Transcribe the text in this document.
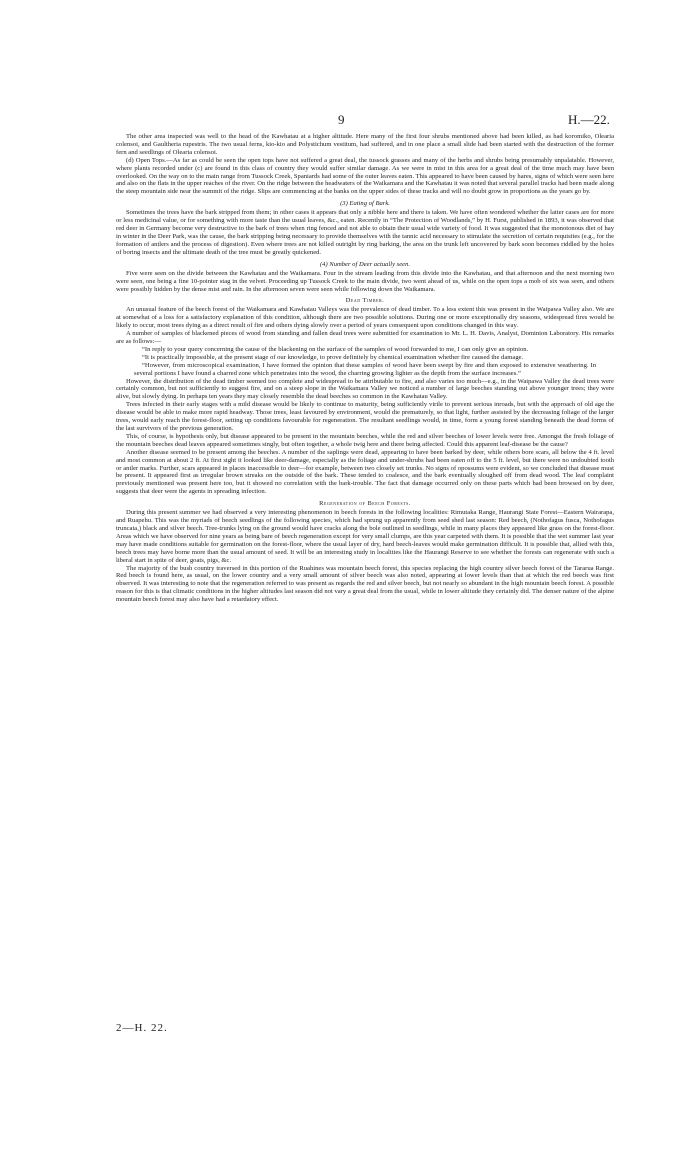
9	H.—22.

The other area inspected was well to the head of the Kawhatau at a higher altitude. Here many of the first four shrubs mentioned above had been killed, as had koromiko, Olearia colensoi, and Gaultheria rupestris. The two usual ferns, kio-kio and Polystichum vestitum, had suffered, and in one place a small slide had been started with the destruction of the former fern and seedlings of Olearia colensoi.

(d) Open Tops.—As far as could be seen the open tops have not suffered a great deal, the tussock grasses and many of the herbs and shrubs being presumably unpalatable. However, where plants recorded under (c) are found in this class of country they would suffer similar damage. As we were in mist in this area for a great deal of the time much may have been overlooked. On the way on to the main range from Tussock Creek, Spaniards had some of the outer leaves eaten. This appeared to have been caused by hares, signs of which were seen here and also on the flats in the upper reaches of the river. On the ridge between the headwaters of the Waikamara and the Kawhatau it was noted that several parallel tracks had been made along the steep mountain side near the summit of the ridge. Slips are commencing at the banks on the upper sides of these tracks and will no doubt grow in proportions as the years go by.

(3) Eating of Bark.

Sometimes the trees have the bark stripped from them; in other cases it appears that only a nibble here and there is taken. We have often wondered whether the latter cases are for more or less medicinal value, or for something with more taste than the usual leaves, &c., eaten. Recently in “The Protection of Woodlands,” by H. Furst, published in 1893, it was observed that red deer in Germany become very destructive to the bark of trees when ring fenced and not able to obtain their usual wide variety of food. It was suggested that the monotonous diet of hay in winter in the Deer Park, was the cause, the bark stripping being necessary to provide themselves with the tannic acid necessary to stimulate the secretion of certain requisites (e.g., for the formation of antlers and the process of digestion). Even where trees are not killed outright by ring barking, the area on the trunk left uncovered by bark soon becomes riddled by the holes of boring insects and the ultimate death of the tree must be greatly quickened.

(4) Number of Deer actually seen.

Five were seen on the divide between the Kawhatau and the Waikamara. Four in the stream leading from this divide into the Kawhatau, and that afternoon and the next morning two were seen, one being a fine 10-pointer stag in the velvet. Proceeding up Tussock Creek to the main divide, two went ahead of us, while on the open tops a mob of six was seen, and others were possibly hidden by the dense mist and rain. In the afternoon seven were seen while following down the Waikamara.

Dead Timber.

An unusual feature of the beech forest of the Waikamara and Kawhatau Valleys was the prevalence of dead timber. To a less extent this was present in the Waipawa Valley also. We are at somewhat of a loss for a satisfactory explanation of this condition, although there are two possible solutions. During one or more exceptionally dry seasons, widespread fires would be likely to occur, most trees dying as a direct result of fire and others dying slowly over a period of years consequent upon conditions changed in this way.

A number of samples of blackened pieces of wood from standing and fallen dead trees were submitted for examination to Mr. L. H. Davis, Analyst, Dominion Laboratory. His remarks are as follows:—

“In reply to your query concerning the cause of the blackening on the surface of the samples of wood forwarded to me, I can only give an opinion.

“It is practically impossible, at the present stage of our knowledge, to prove definitely by chemical examination whether fire caused the damage.

“However, from microscopical examination, I have formed the opinion that these samples of wood have been swept by fire and then exposed to extensive weathering. In several portions I have found a charred zone which penetrates into the wood, the charring growing lighter as the depth from the surface increases.”

However, the distribution of the dead timber seemed too complete and widespread to be attributable to fire, and also varies too much—e.g., in the Waipawa Valley the dead trees were certainly common, but not sufficiently to suggest fire, and on a steep slope in the Waikamara Valley we noticed a number of large beeches standing out above younger trees; they were alive, but slowly dying. In perhaps ten years they may closely resemble the dead beeches so common in the Kawhatau Valley.

Trees infected in their early stages with a mild disease would be likely to continue to maturity, being sufficiently virile to prevent serious inroads, but with the approach of old age the disease would be able to make more rapid headway. Those trees, least favoured by environment, would die prematurely, so that light, further assisted by the decreasing foliage of the larger trees, would early reach the forest-floor, setting up conditions favourable for regeneration. The resultant seedlings would, in time, form a young forest standing beneath the dead forms of the last survivors of the previous generation.

This, of course, is hypothesis only, but disease appeared to be present in the mountain beeches, while the red and silver beeches of lower levels were free. Amongst the fresh foliage of the mountain beeches dead leaves appeared sometimes singly, but often together, a whole twig here and there being affected. Could this apparent leaf-disease be the cause?

Another disease seemed to be present among the beeches. A number of the saplings were dead, appearing to have been barked by deer, while others bore scars, all below the 4 ft. level and most common at about 2 ft. At first sight it looked like deer-damage, especially as the foliage and under-shrubs had been eaten off to the 5 ft. level, but there were no undoubted tooth or antler marks. Further, scars appeared in places inaccessible to deer—for example, between two closely set trunks. No signs of opossums were evident, so we concluded that disease must be present. It appeared first as irregular brown streaks on the outside of the bark. These tended to coalesce, and the bark eventually sloughed off from dead wood. The leaf complaint previously mentioned was present here too, but it showed no correlation with the bark-trouble. The fact that damage occurred only on these parts which had been browsed on by deer, suggests that deer were the agents in spreading infection.

Regeneration of Beech Forests.

During this present summer we had observed a very interesting phenomenon in beech forests in the following localities: Rimutaka Range, Haurangi State Forest—Eastern Wairarapa, and Ruapehu. This was the myriads of beech seedlings of the following species, which had sprung up apparently from seed shed last season: Red beech, (Nothofagus fusca, Nothofagus truncata,) black and silver beech. Tree-trunks lying on the ground would have cracks along the bole outlined in seedlings, while in many places they appeared like grass on the forest-floor. Areas which we have observed for nine years as being bare of beech regeneration except for very small clumps, are this year carpeted with them. It is possible that the wet summer last year may have made conditions suitable for germination on the forest-floor, where the usual layer of dry, hard beech-leaves would make germination difficult. It is possible that, allied with this, beech trees may have borne more than the usual amount of seed. It will be an interesting study in localities like the Haurangi Reserve to see whether the forests can regenerate with such a liberal start in spite of deer, goats, pigs, &c.

The majority of the bush country traversed in this portion of the Ruahines was mountain beech forest, this species replacing the high country silver beech forest of the Tararua Range. Red beech is found here, as usual, on the lower country and a very small amount of silver beech was also noted, appearing at lower levels than that at which the red beech was first observed. It was interesting to note that the regeneration referred to was present as regards the red and silver beech, but not nearly so abundant in the high mountain beech forest. A possible reason for this is that climatic conditions in the higher altitudes last season did not vary a great deal from the usual, while in lower altitude they certainly did. The denser nature of the alpine mountain beech forest may also have had a retardatory effect.

2—H. 22.
